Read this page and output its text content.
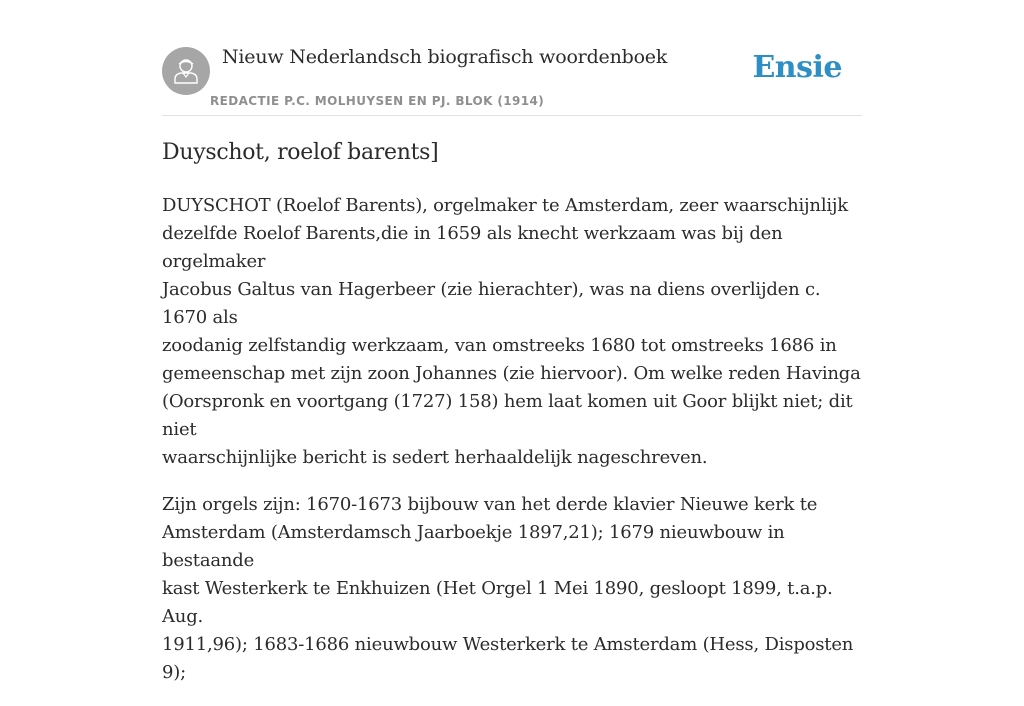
Nieuw Nederlandsch biografisch woordenboek
REDACTIE P.C. MOLHUYSEN EN PJ. BLOK (1914)
Ensie
Duyschot, roelof barents]

DUYSCHOT (Roelof Barents), orgelmaker te Amsterdam, zeer waarschijnlijk
dezelfde Roelof Barents,die in 1659 als knecht werkzaam was bij den orgelmaker
Jacobus Galtus van Hagerbeer (zie hierachter), was na diens overlijden c. 1670 als
zoodanig zelfstandig werkzaam, van omstreeks 1680 tot omstreeks 1686 in
gemeenschap met zijn zoon Johannes (zie hiervoor). Om welke reden Havinga
(Oorspronk en voortgang (1727) 158) hem laat komen uit Goor blijkt niet; dit niet
waarschijnlijke bericht is sedert herhaaldelijk nageschreven.

Zijn orgels zijn: 1670-1673 bijbouw van het derde klavier Nieuwe kerk te
Amsterdam (Amsterdamsch Jaarboekje 1897,21); 1679 nieuwbouw in bestaande
kast Westerkerk te Enkhuizen (Het Orgel 1 Mei 1890, gesloopt 1899, t.a.p. Aug.
1911,96); 1683-1686 nieuwbouw Westerkerk te Amsterdam (Hess, Disposten 9);
